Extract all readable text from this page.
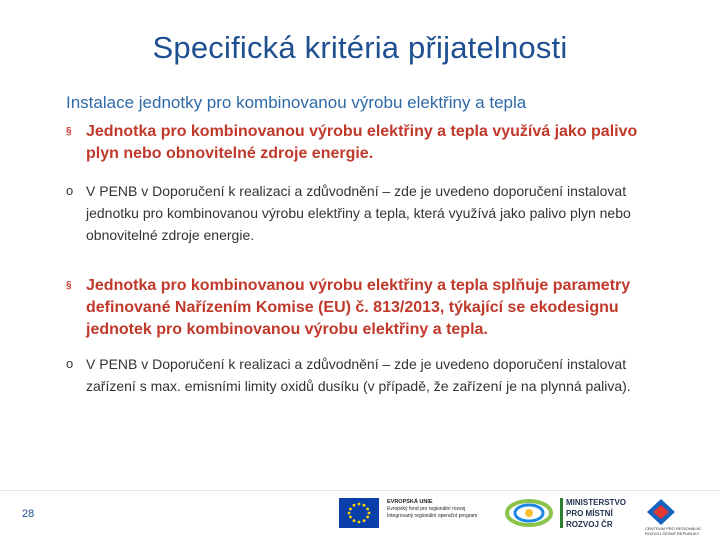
Specifická kritéria přijatelnosti
Instalace jednotky pro kombinovanou výrobu elektřiny a tepla
§ Jednotka pro kombinovanou výrobu elektřiny a tepla využívá jako palivo plyn nebo obnovitelné zdroje energie.
o V PENB v Doporučení k realizaci a zdůvodnění – zde je uvedeno doporučení instalovat jednotku pro kombinovanou výrobu elektřiny a tepla, která využívá jako palivo plyn nebo obnovitelné zdroje energie.
§ Jednotka pro kombinovanou výrobu elektřiny a tepla splňuje parametry definované Nařízením Komise (EU) č. 813/2013, týkající se ekodesignu jednotek pro kombinovanou výrobu elektřiny a tepla.
o V PENB v Doporučení k realizaci a zdůvodnění – zde je uvedeno doporučení instalovat zařízení s max. emisními limity oxidů dusíku (v případě, že zařízení je na plynná paliva).
28
EVROPSKÁ UNIE
Evropský fond pro regionální rozvoj
Integrovaný regionální operační program
MINISTERSTVO
PRO MÍSTNÍ
ROZVOJ ČR	CENTRUM PRO REGIONÁLNÍ ROZVOJ ČESKÉ REPUBLIKY
